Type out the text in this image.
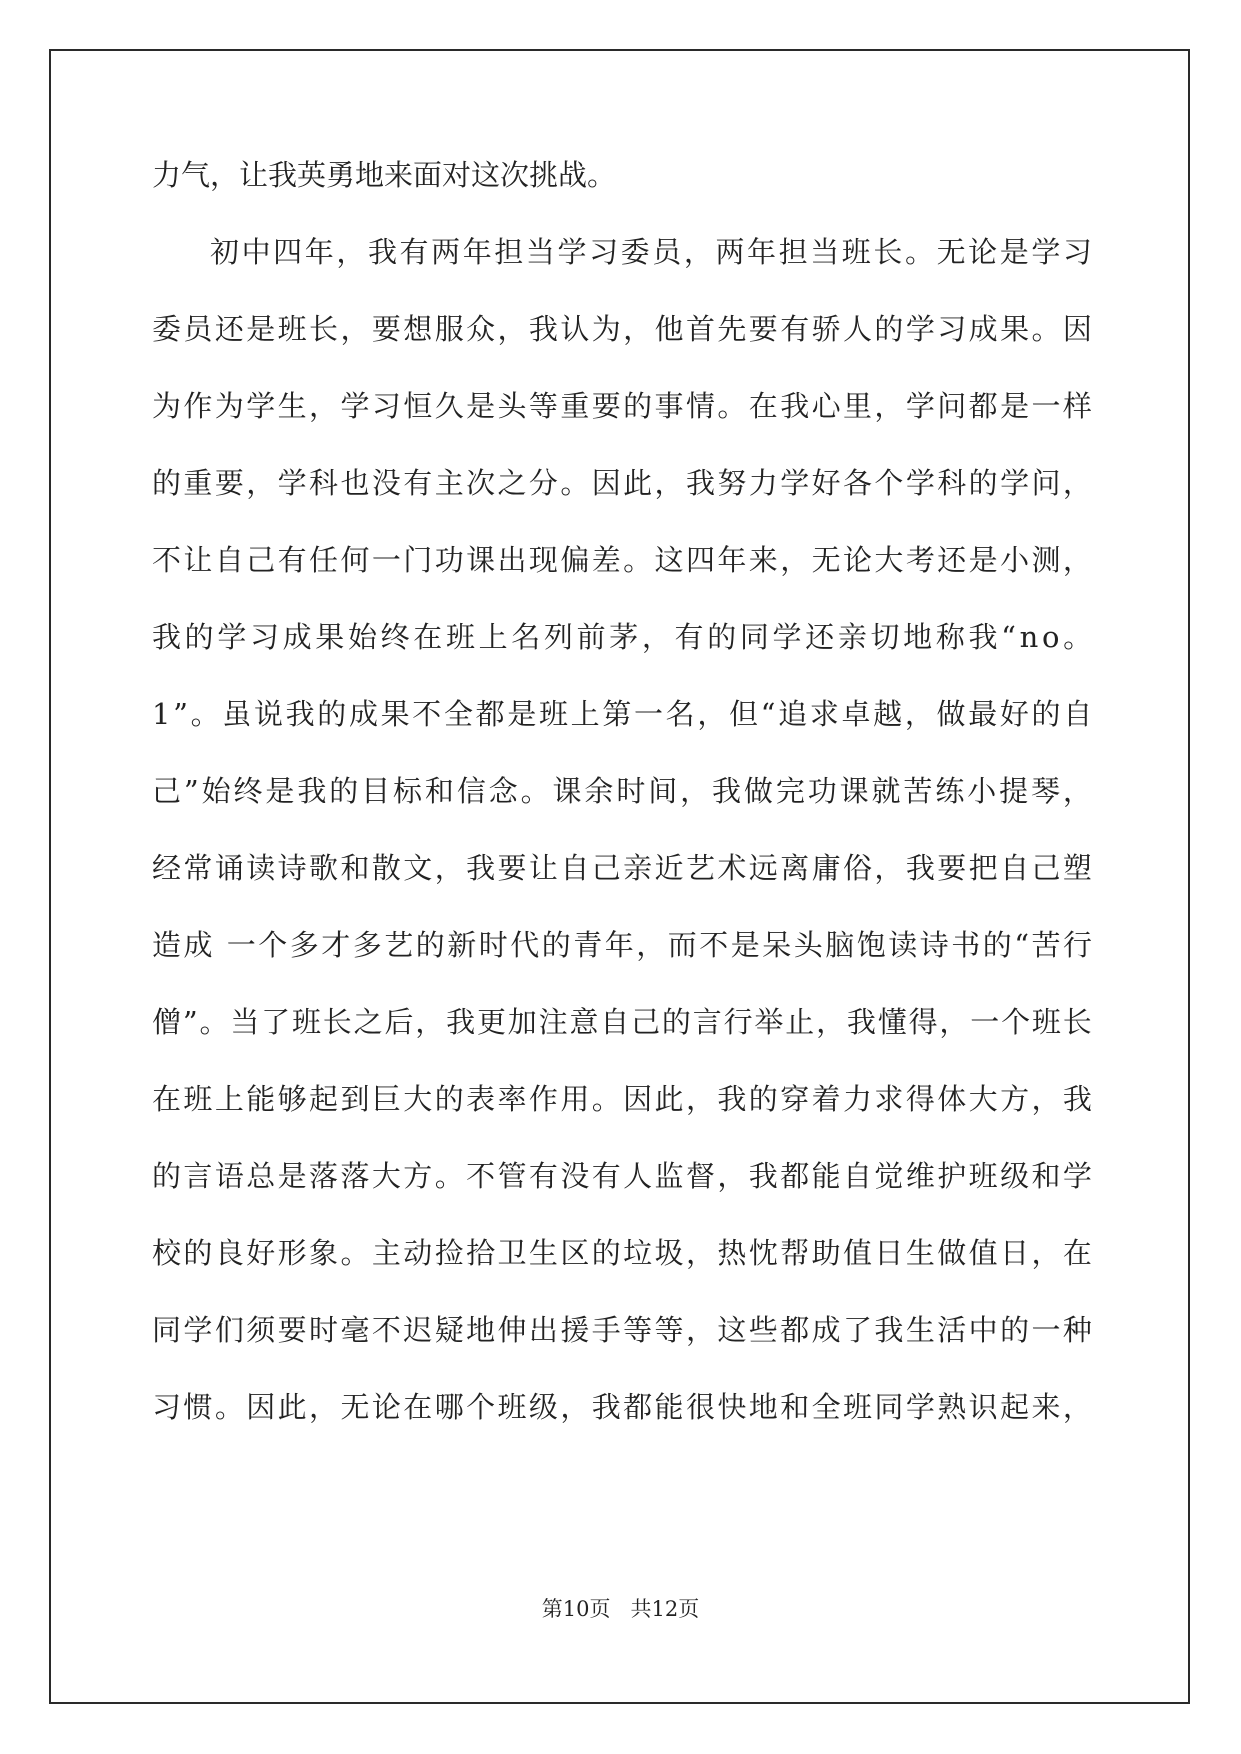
力气，让我英勇地来面对这次挑战。
初中四年，我有两年担当学习委员，两年担当班长。无论是学习
委员还是班长，要想服众，我认为，他首先要有骄人的学习成果。因
为作为学生，学习恒久是头等重要的事情。在我心里，学问都是一样
的重要，学科也没有主次之分。因此，我努力学好各个学科的学问，
不让自己有任何一门功课出现偏差。这四年来，无论大考还是小测，
我的学习成果始终在班上名列前茅，有的同学还亲切地称我“no。
1”。虽说我的成果不全都是班上第一名，但“追求卓越，做最好的自
己”始终是我的目标和信念。课余时间，我做完功课就苦练小提琴，
经常诵读诗歌和散文，我要让自己亲近艺术远离庸俗，我要把自己塑
造成 一个多才多艺的新时代的青年，而不是呆头脑饱读诗书的“苦行
僧”。当了班长之后，我更加注意自己的言行举止，我懂得，一个班长
在班上能够起到巨大的表率作用。因此，我的穿着力求得体大方，我
的言语总是落落大方。不管有没有人监督，我都能自觉维护班级和学
校的良好形象。主动捡拾卫生区的垃圾，热忱帮助值日生做值日，在
同学们须要时毫不迟疑地伸出援手等等，这些都成了我生活中的一种
习惯。因此，无论在哪个班级，我都能很快地和全班同学熟识起来，
第10页 共12页
